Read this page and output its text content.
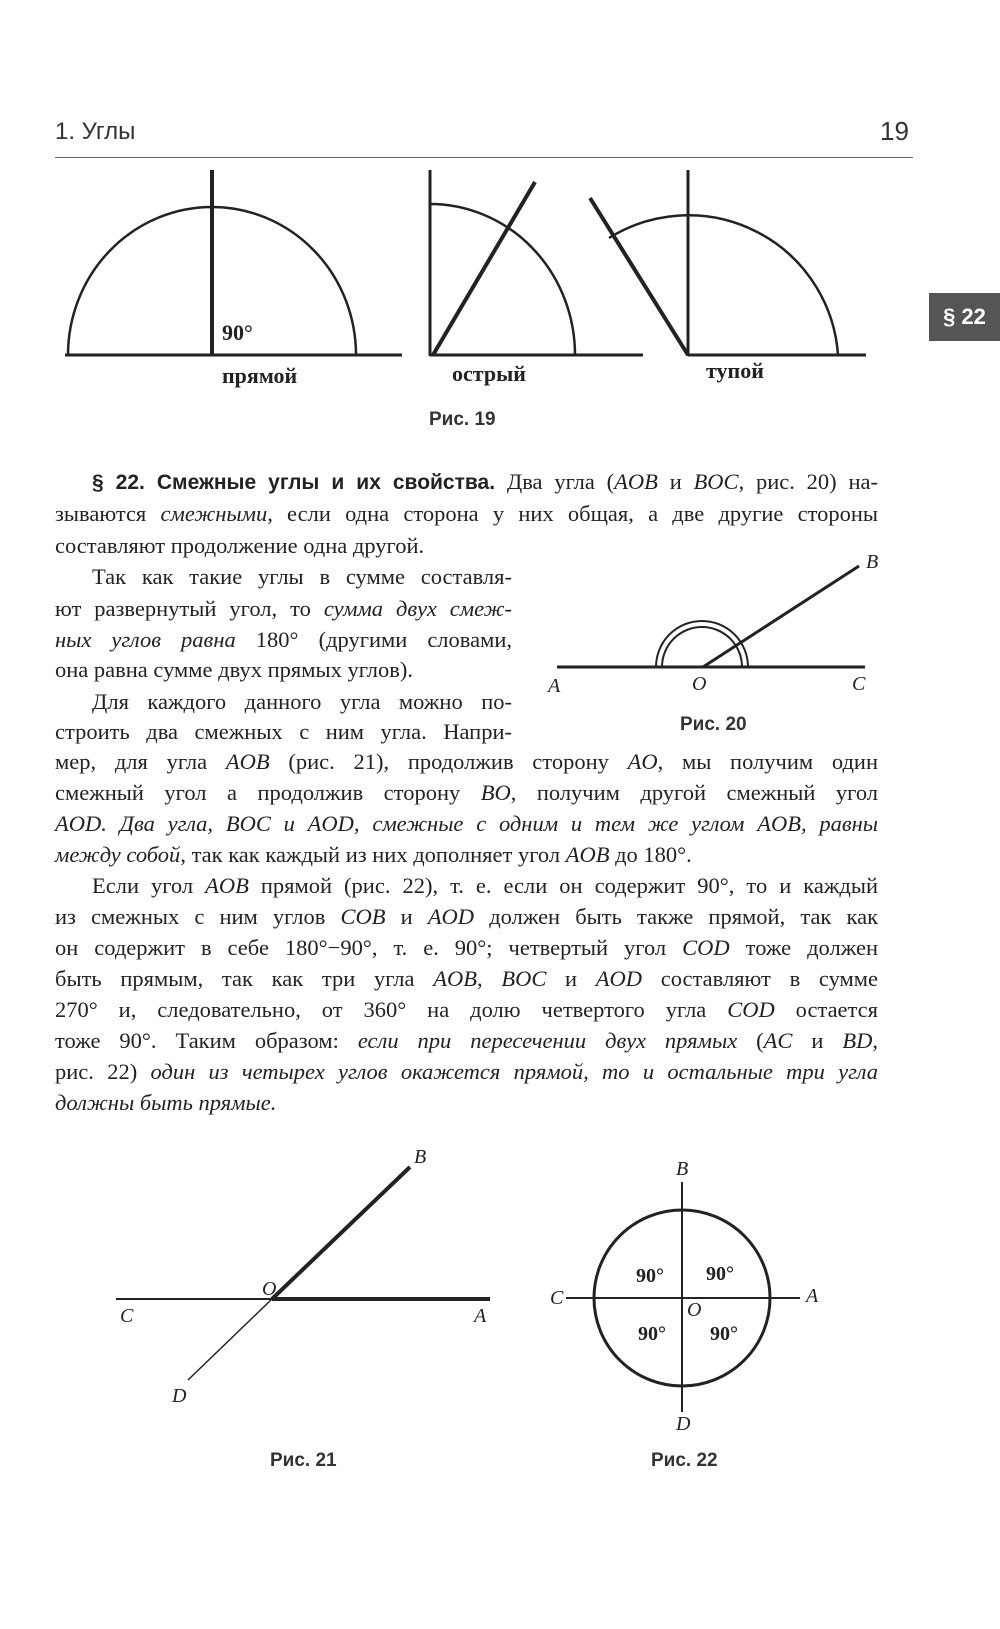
1. Углы	19
§ 22
90°
прямой	острый	тупой
A	O	C
B
B
O
C	A
D
B
C	A
O
D
90° 90°
90° 90°
Рис. 19
§ 22. Смежные углы и их свойства. Два угла (AOB и BOC, рис. 20) на-
зываются смежными, если одна сторона у них общая, а две другие стороны
составляют продолжение одна другой.
Так как такие углы в сумме составля-
ют развернутый угол, то сумма двух смеж-
ных углов равна 180° (другими словами,
она равна сумме двух прямых углов).
Для каждого данного угла можно по-
строить два смежных с ним угла. Напри-	Рис. 20
мер, для угла AOB (рис. 21), продолжив сторону AO, мы получим один
смежный угол а продолжив сторону BO, получим другой смежный угол
AOD. Два угла, BOC и AOD, смежные с одним и тем же углом AOB, равны
между собой, так как каждый из них дополняет угол AOB до 180°.
Если угол AOB прямой (рис. 22), т. е. если он содержит 90°, то и каждый
из смежных с ним углов COB и AOD должен быть также прямой, так как
он содержит в себе 180°−90°, т. е. 90°; четвертый угол COD тоже должен
быть прямым, так как три угла AOB, BOC и AOD составляют в сумме
270° и, следовательно, от 360° на долю четвертого угла COD остается
тоже 90°. Таким образом: если при пересечении двух прямых (AC и BD,
рис. 22) один из четырех углов окажется прямой, то и остальные три угла
должны быть прямые.
Рис. 21	Рис. 22
